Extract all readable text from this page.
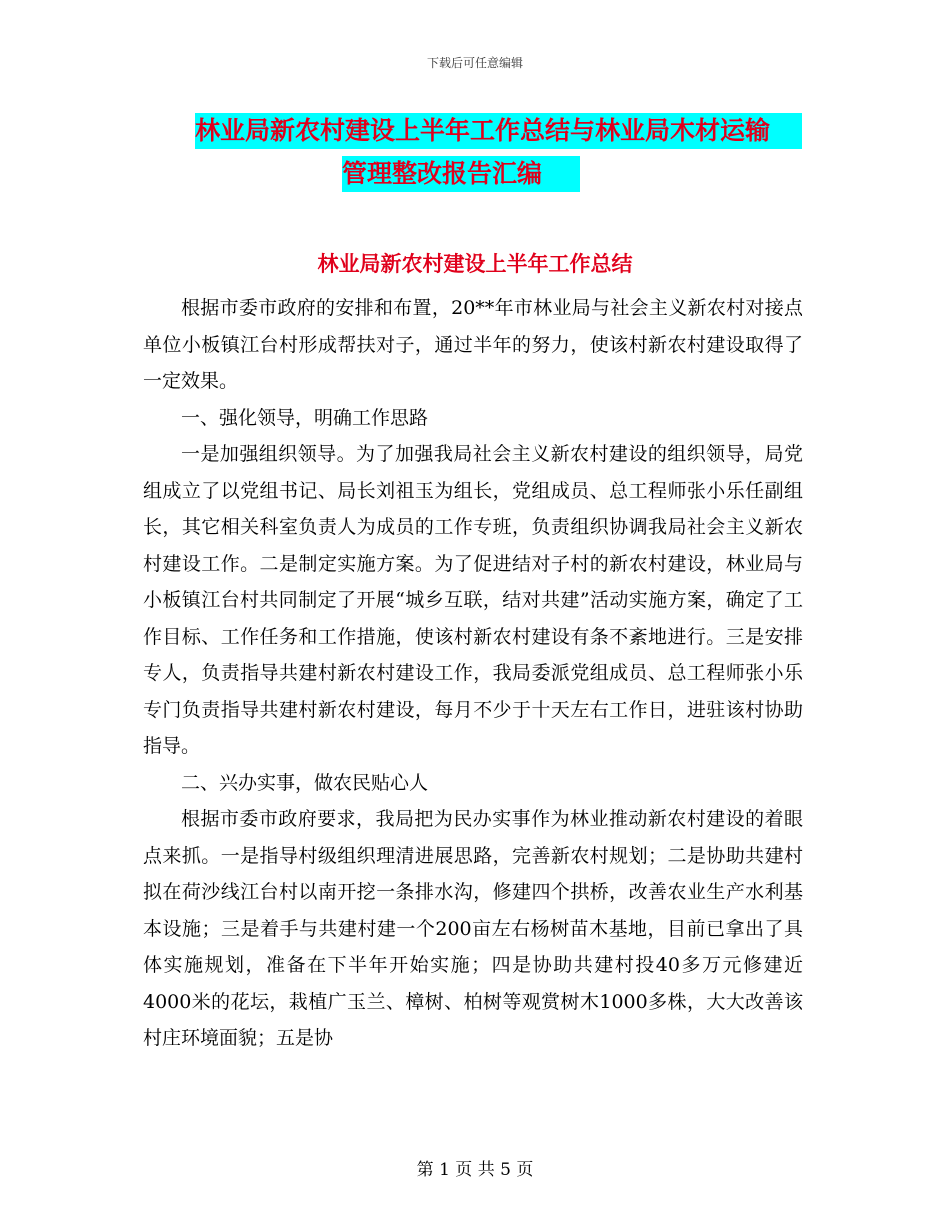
下载后可任意编辑
林业局新农村建设上半年工作总结与林业局木材运输
管理整改报告汇编
林业局新农村建设上半年工作总结

根据市委市政府的安排和布置，20**年市林业局与社会主义新农村对接点单位小板镇江台村形成帮扶对子，通过半年的努力，使该村新农村建设取得了一定效果。

一、强化领导，明确工作思路

一是加强组织领导。为了加强我局社会主义新农村建设的组织领导，局党组成立了以党组书记、局长刘祖玉为组长，党组成员、总工程师张小乐任副组长，其它相关科室负责人为成员的工作专班，负责组织协调我局社会主义新农村建设工作。二是制定实施方案。为了促进结对子村的新农村建设，林业局与小板镇江台村共同制定了开展“城乡互联，结对共建”活动实施方案，确定了工作目标、工作任务和工作措施，使该村新农村建设有条不紊地进行。三是安排专人，负责指导共建村新农村建设工作，我局委派党组成员、总工程师张小乐专门负责指导共建村新农村建设，每月不少于十天左右工作日，进驻该村协助指导。

二、兴办实事，做农民贴心人

根据市委市政府要求，我局把为民办实事作为林业推动新农村建设的着眼点来抓。一是指导村级组织理清进展思路，完善新农村规划；二是协助共建村拟在荷沙线江台村以南开挖一条排水沟，修建四个拱桥，改善农业生产水利基本设施；三是着手与共建村建一个200亩左右杨树苗木基地，目前已拿出了具体实施规划，准备在下半年开始实施；四是协助共建村投40多万元修建近4000米的花坛，栽植广玉兰、樟树、柏树等观赏树木1000多株，大大改善该村庄环境面貌；五是协

第 1 页 共 5 页
